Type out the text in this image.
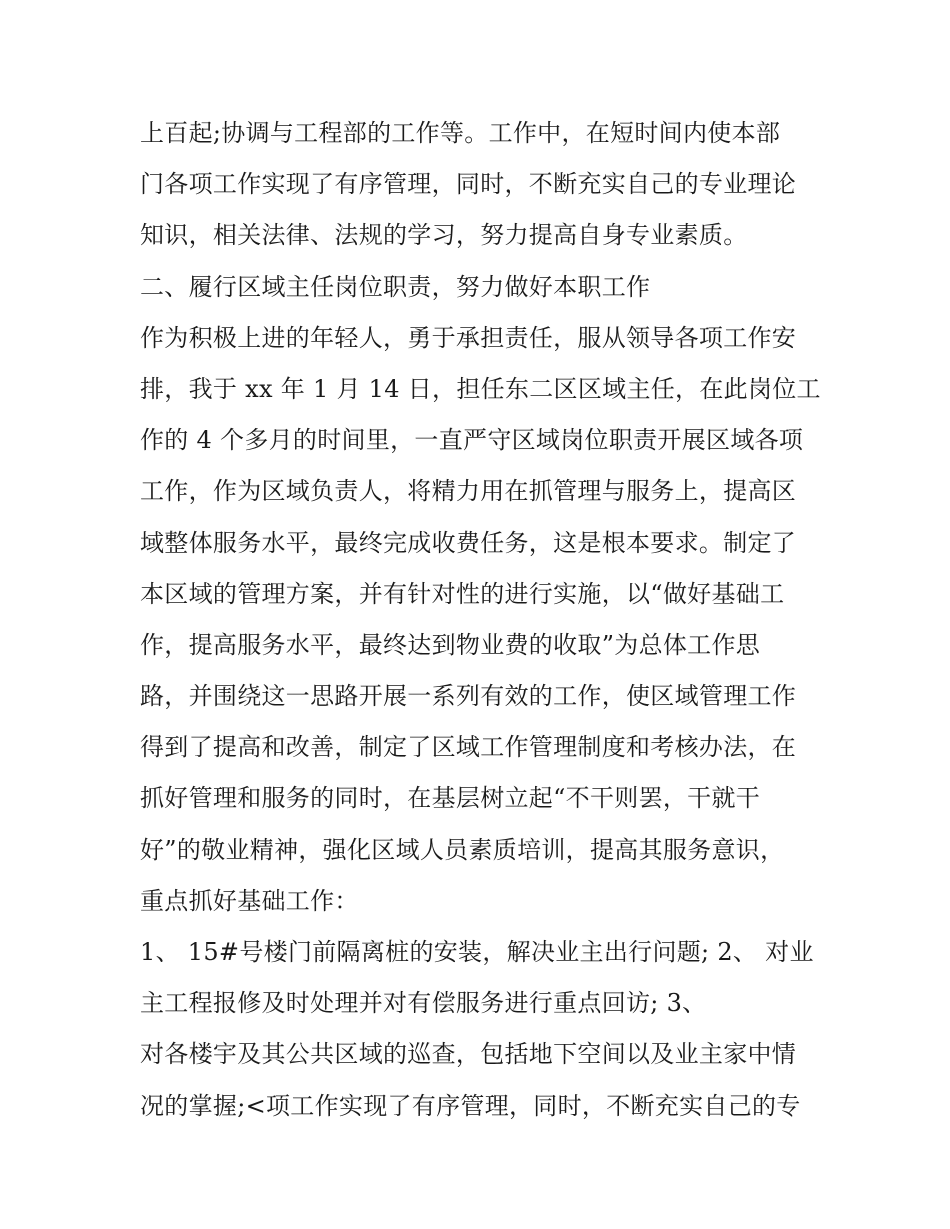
上百起;协调与工程部的工作等。工作中，在短时间内使本部
门各项工作实现了有序管理，同时，不断充实自己的专业理论
知识，相关法律、法规的学习，努力提高自身专业素质。
二、履行区域主任岗位职责，努力做好本职工作
作为积极上进的年轻人，勇于承担责任，服从领导各项工作安
排，我于 xx 年 1 月 14 日，担任东二区区域主任，在此岗位工
作的 4 个多月的时间里，一直严守区域岗位职责开展区域各项
工作，作为区域负责人，将精力用在抓管理与服务上，提高区
域整体服务水平，最终完成收费任务，这是根本要求。制定了
本区域的管理方案，并有针对性的进行实施，以“做好基础工
作，提高服务水平，最终达到物业费的收取”为总体工作思
路，并围绕这一思路开展一系列有效的工作，使区域管理工作
得到了提高和改善，制定了区域工作管理制度和考核办法，在
抓好管理和服务的同时，在基层树立起“不干则罢，干就干
好”的敬业精神，强化区域人员素质培训，提高其服务意识，
重点抓好基础工作：
1、 15#号楼门前隔离桩的安装，解决业主出行问题; 2、 对业
主工程报修及时处理并对有偿服务进行重点回访; 3、
对各楼宇及其公共区域的巡查，包括地下空间以及业主家中情
况的掌握;<项工作实现了有序管理，同时，不断充实自己的专
